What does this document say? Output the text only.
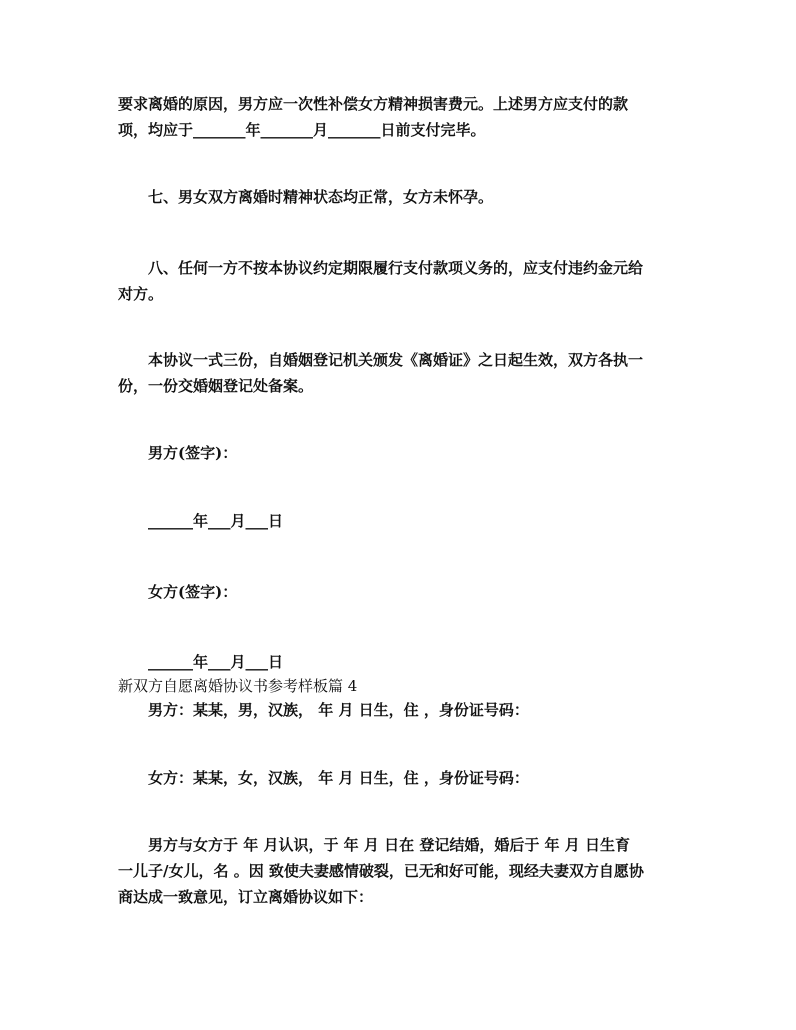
要求离婚的原因，男方应一次性补偿女方精神损害费元。上述男方应支付的款
项，均应于_______年_______月_______日前支付完毕。
七、男女双方离婚时精神状态均正常，女方未怀孕。
八、任何一方不按本协议约定期限履行支付款项义务的，应支付违约金元给
对方。
本协议一式三份，自婚姻登记机关颁发《离婚证》之日起生效，双方各执一
份，一份交婚姻登记处备案。
男方(签字)：
______年___月___日
女方(签字)：
______年___月___日
新双方自愿离婚协议书参考样板篇 4
男方：某某，男，汉族， 年 月 日生，住 ，身份证号码：
女方：某某，女，汉族， 年 月 日生，住 ，身份证号码：
男方与女方于 年 月认识，于 年 月 日在 登记结婚，婚后于 年 月 日生育
一儿子/女儿，名 。因 致使夫妻感情破裂，已无和好可能，现经夫妻双方自愿协
商达成一致意见，订立离婚协议如下：
